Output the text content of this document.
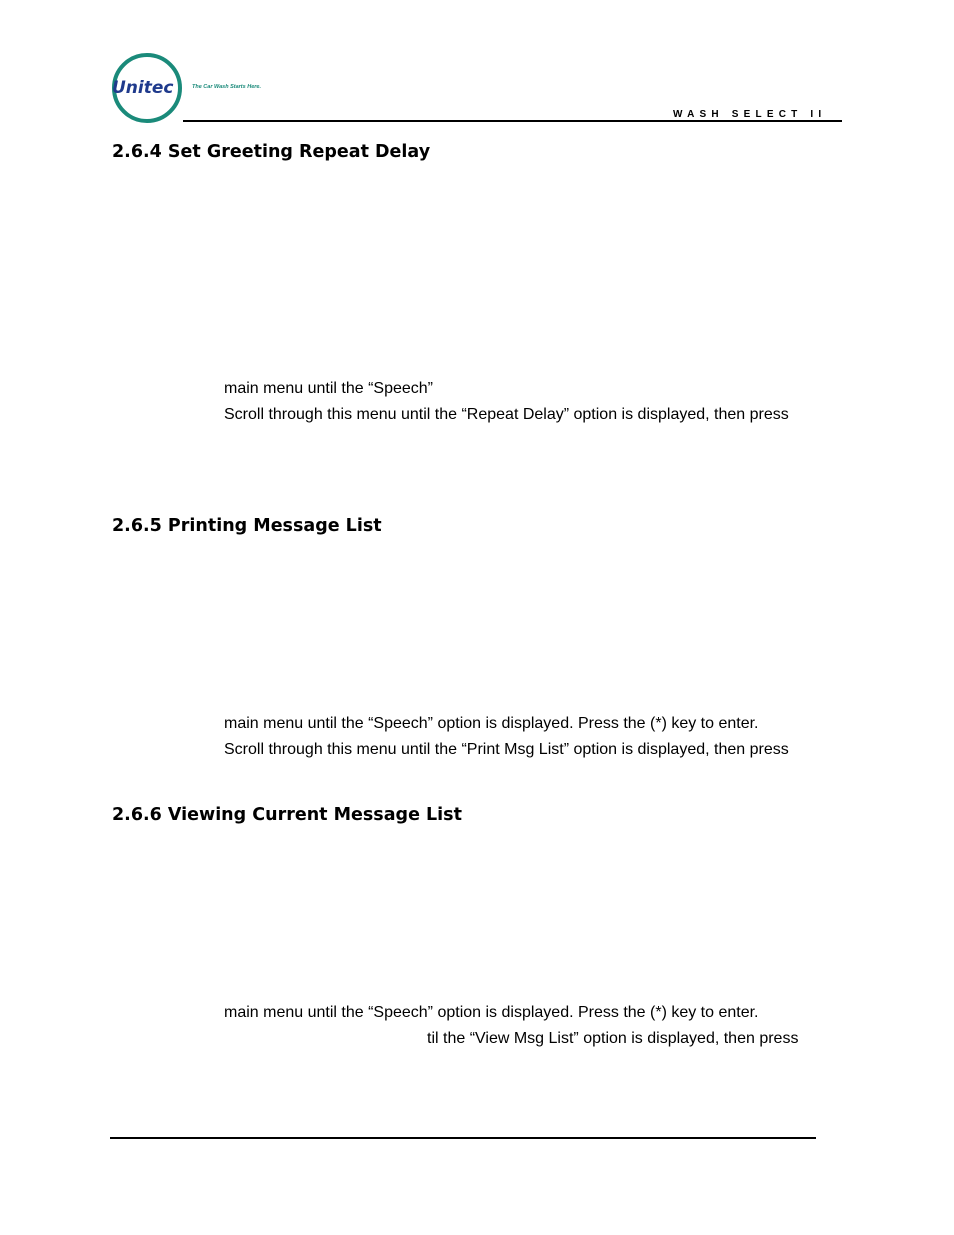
Unitec	The Car Wash Starts Here.
WASH SELECT II
2.6.4 Set Greeting Repeat Delay
main menu until the “Speech”
Scroll through this menu until the “Repeat Delay” option is displayed, then press
2.6.5 Printing Message List
main menu until the “Speech” option is displayed. Press the (*) key to enter.
Scroll through this menu until the “Print Msg List” option is displayed, then press
2.6.6 Viewing Current Message List
main menu until the “Speech” option is displayed. Press the (*) key to enter.
til the “View Msg List” option is displayed, then press
